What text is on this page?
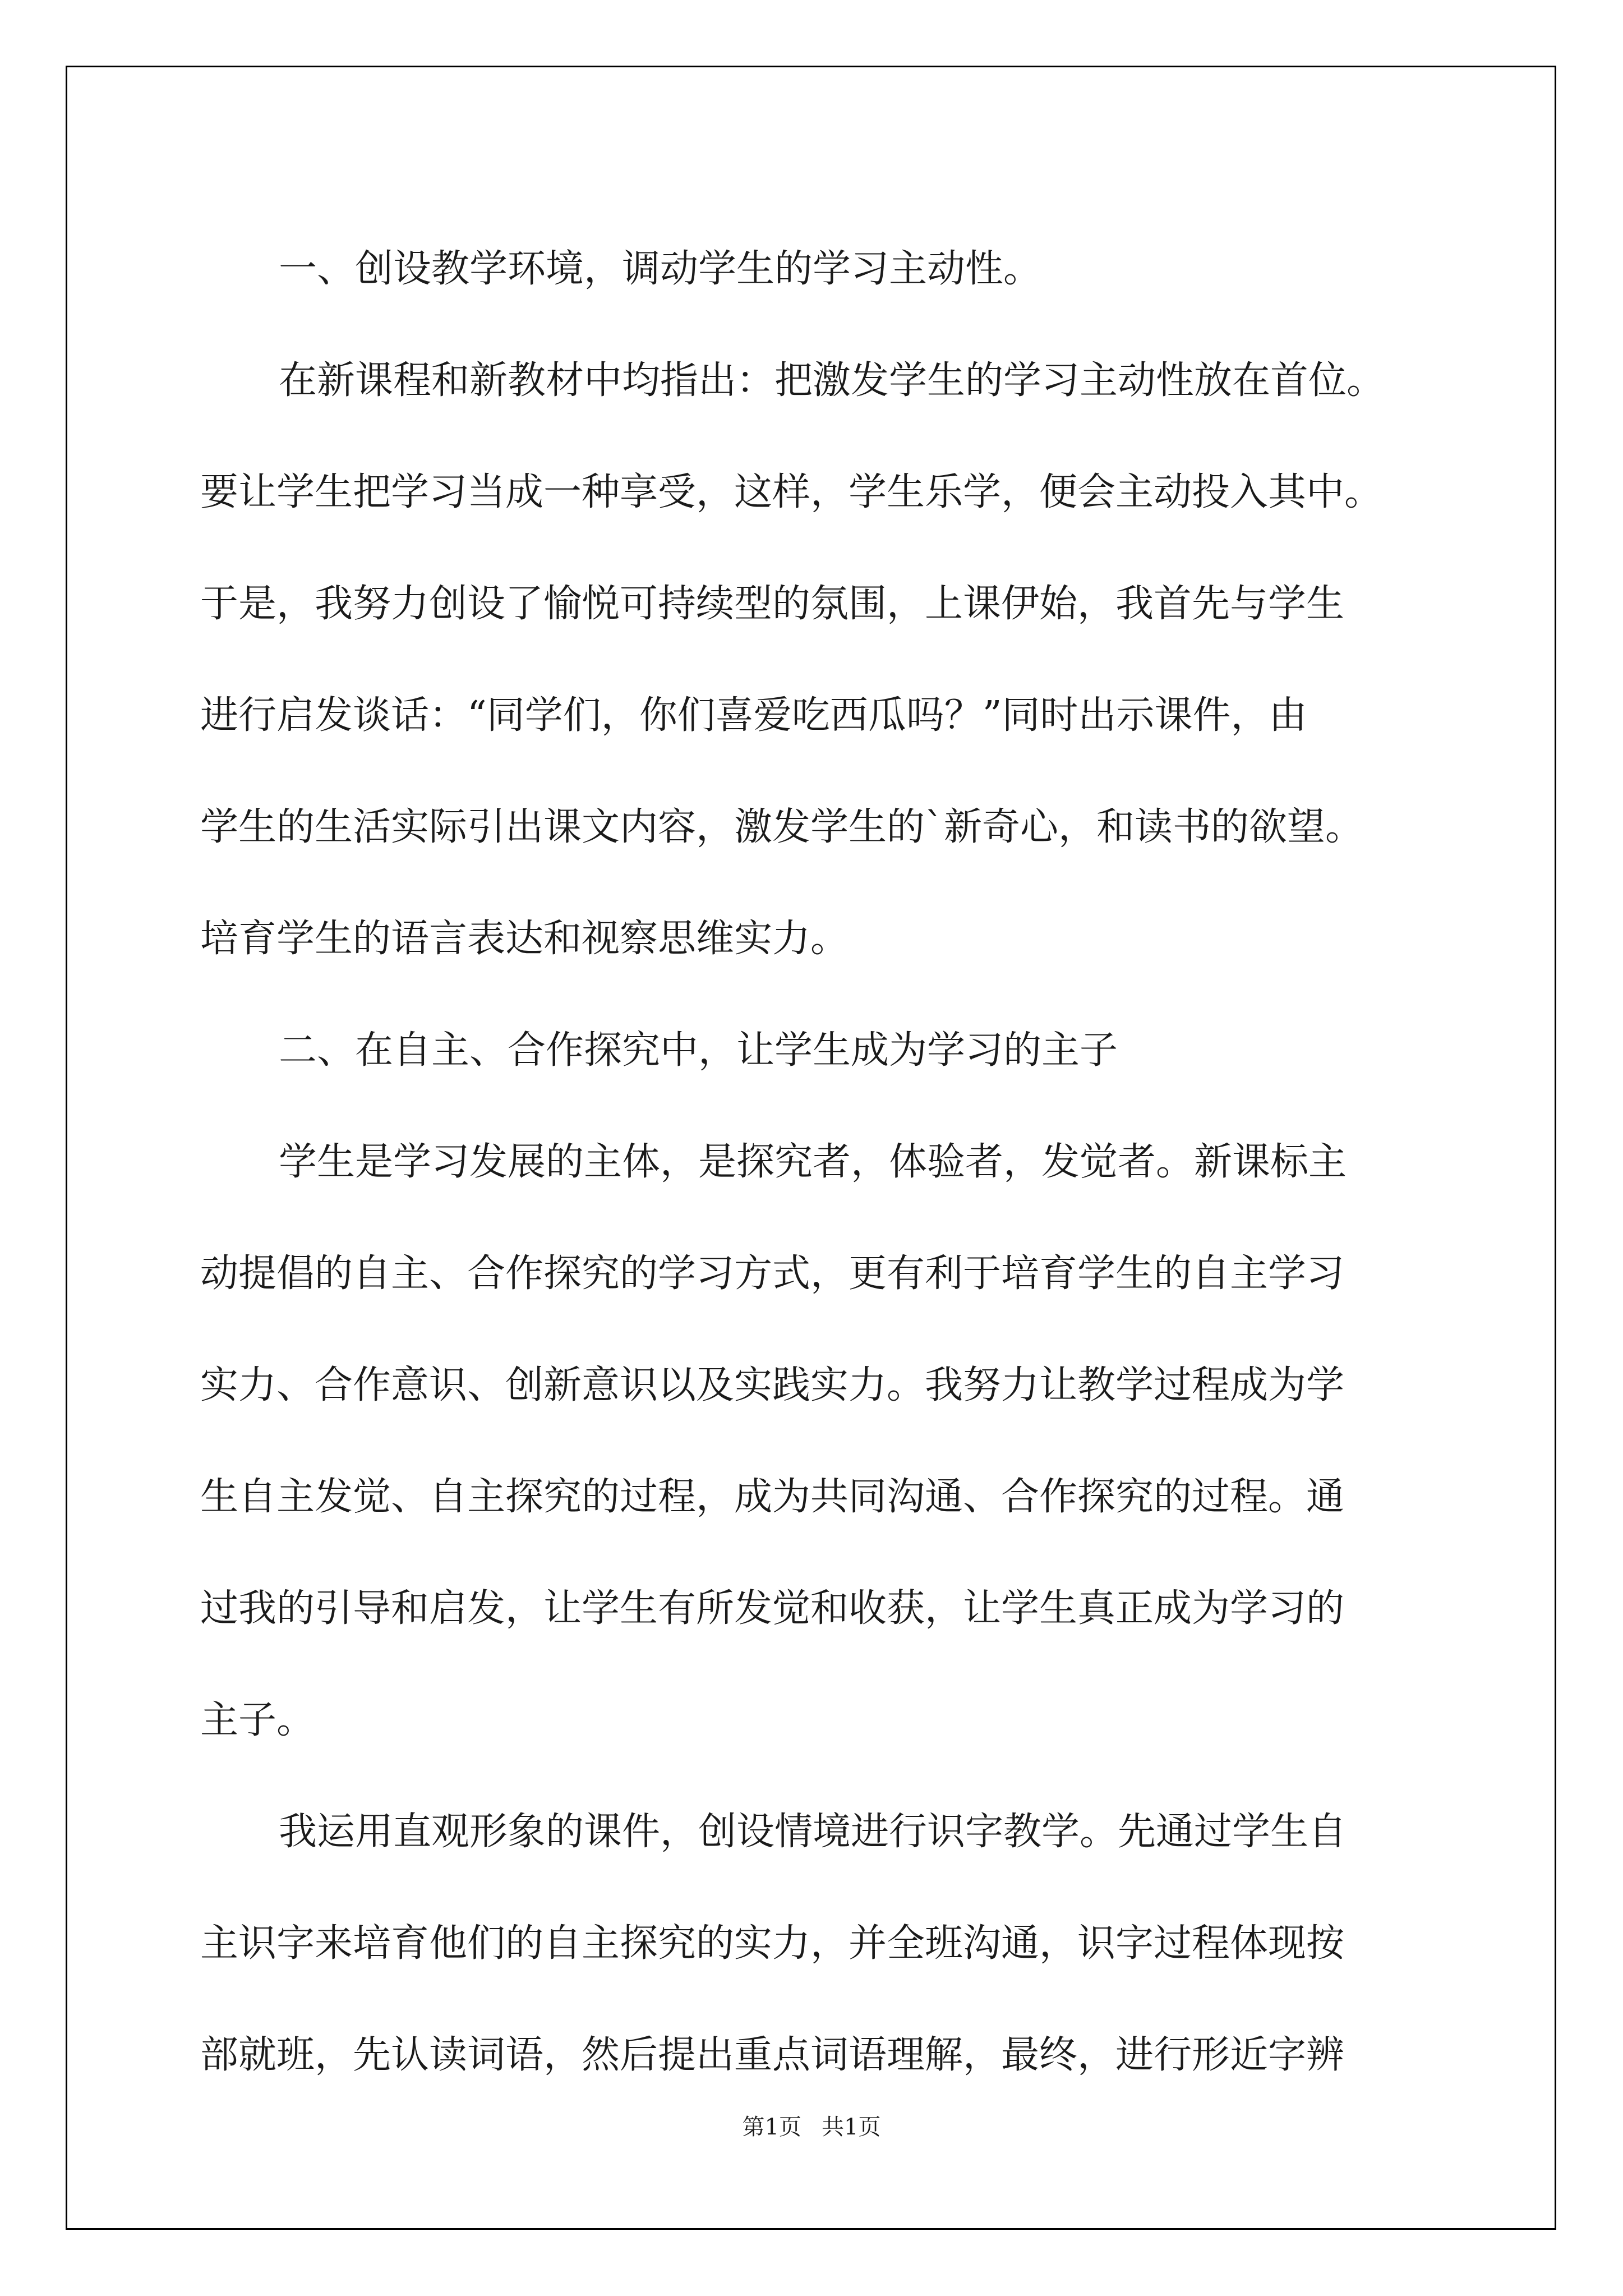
一、创设教学环境，调动学生的学习主动性。
在新课程和新教材中均指出：把激发学生的学习主动性放在首位。
要让学生把学习当成一种享受，这样，学生乐学，便会主动投入其中。
于是，我努力创设了愉悦可持续型的氛围，上课伊始，我首先与学生
进行启发谈话：“同学们，你们喜爱吃西瓜吗？”同时出示课件，由
学生的生活实际引出课文内容，激发学生的`新奇心，和读书的欲望。
培育学生的语言表达和视察思维实力。
二、在自主、合作探究中，让学生成为学习的主子
学生是学习发展的主体，是探究者，体验者，发觉者。新课标主
动提倡的自主、合作探究的学习方式，更有利于培育学生的自主学习
实力、合作意识、创新意识以及实践实力。我努力让教学过程成为学
生自主发觉、自主探究的过程，成为共同沟通、合作探究的过程。通
过我的引导和启发，让学生有所发觉和收获，让学生真正成为学习的
主子。
我运用直观形象的课件，创设情境进行识字教学。先通过学生自
主识字来培育他们的自主探究的实力，并全班沟通，识字过程体现按
部就班，先认读词语，然后提出重点词语理解，最终，进行形近字辨
第1页 共1页
